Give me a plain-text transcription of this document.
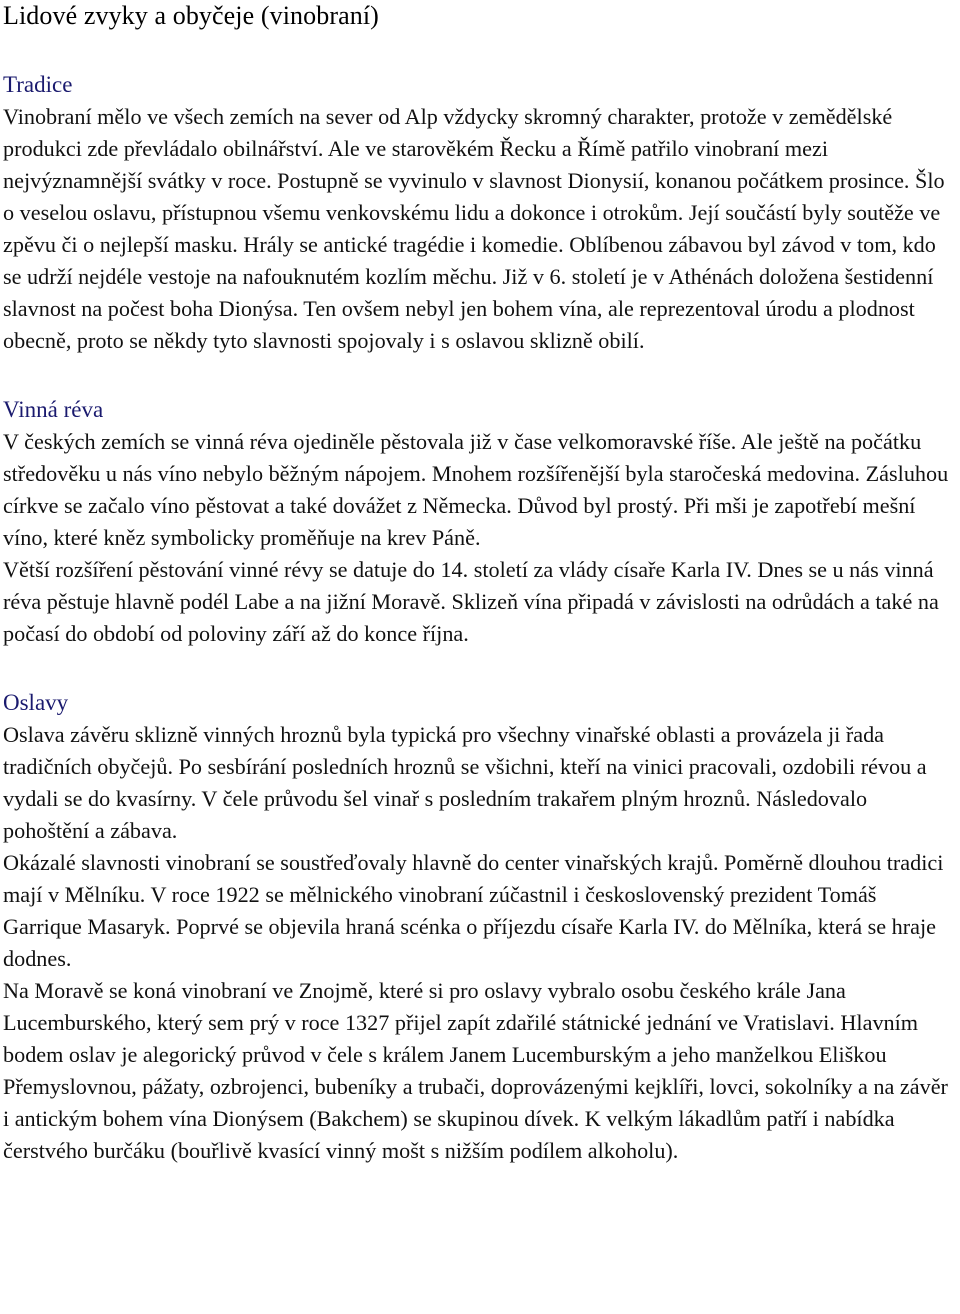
Lidové zvyky a obyčeje (vinobraní)
Tradice

Vinobraní mělo ve všech zemích na sever od Alp vždycky skromný charakter, protože v zemědělské produkci zde převládalo obilnářství. Ale ve starověkém Řecku a Římě patřilo vinobraní mezi nejvýznamnější svátky v roce. Postupně se vyvinulo v slavnost Dionysií, konanou počátkem prosince. Šlo o veselou oslavu, přístupnou všemu venkovskému lidu a dokonce i otrokům. Její součástí byly soutěže ve zpěvu či o nejlepší masku. Hrály se antické tragédie i komedie. Oblíbenou zábavou byl závod v tom, kdo se udrží nejdéle vestoje na nafouknutém kozlím měchu. Již v 6. století je v Athénách doložena šestidenní slavnost na počest boha Dionýsa. Ten ovšem nebyl jen bohem vína, ale reprezentoval úrodu a plodnost obecně, proto se někdy tyto slavnosti spojovaly i s oslavou sklizně obilí.

Vinná réva

V českých zemích se vinná réva ojediněle pěstovala již v čase velkomoravské říše. Ale ještě na počátku středověku u nás víno nebylo běžným nápojem. Mnohem rozšířenější byla staročeská medovina. Zásluhou církve se začalo víno pěstovat a také dovážet z Německa. Důvod byl prostý. Při mši je zapotřebí mešní víno, které kněz symbolicky proměňuje na krev Páně.

Větší rozšíření pěstování vinné révy se datuje do 14. století za vlády císaře Karla IV. Dnes se u nás vinná réva pěstuje hlavně podél Labe a na jižní Moravě. Sklizeň vína připadá v závislosti na odrůdách a také na počasí do období od poloviny září až do konce října.

Oslavy

Oslava závěru sklizně vinných hroznů byla typická pro všechny vinařské oblasti a provázela ji řada tradičních obyčejů. Po sesbírání posledních hroznů se všichni, kteří na vinici pracovali, ozdobili révou a vydali se do kvasírny. V čele průvodu šel vinař s posledním trakařem plným hroznů. Následovalo pohoštění a zábava.

Okázalé slavnosti vinobraní se soustřeďovaly hlavně do center vinařských krajů. Poměrně dlouhou tradici mají v Mělníku. V roce 1922 se mělnického vinobraní zúčastnil i československý prezident Tomáš Garrique Masaryk. Poprvé se objevila hraná scénka o příjezdu císaře Karla IV. do Mělníka, která se hraje dodnes.

Na Moravě se koná vinobraní ve Znojmě, které si pro oslavy vybralo osobu českého krále Jana Lucemburského, který sem prý v roce 1327 přijel zapít zdařilé státnické jednání ve Vratislavi. Hlavním bodem oslav je alegorický průvod v čele s králem Janem Lucemburským a jeho manželkou Eliškou Přemyslovnou, pážaty, ozbrojenci, bubeníky a trubači, doprovázenými kejklíři, lovci, sokolníky a na závěr i antickým bohem vína Dionýsem (Bakchem) se skupinou dívek. K velkým lákadlům patří i nabídka čerstvého burčáku (bouřlivě kvasící vinný mošt s nižším podílem alkoholu).
